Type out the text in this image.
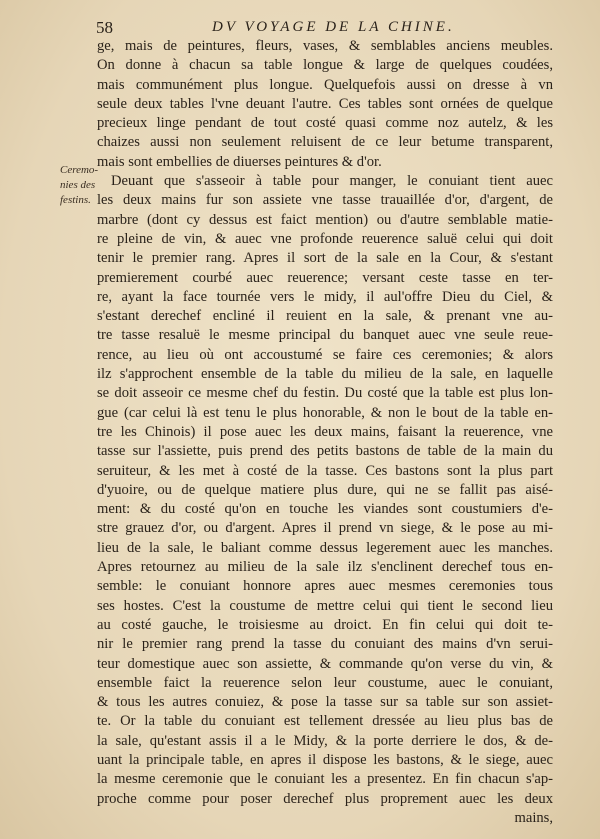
58	DV VOYAGE DE LA CHINE.
Ceremo-
nies des
festins.
ge, mais de peintures, fleurs, vases, & semblables anciens meubles.
On donne à chacun sa table longue & large de quelques coudées,
mais communément plus longue. Quelquefois aussi on dresse à vn
seule deux tables l'vne deuant l'autre. Ces tables sont ornées de quelque
precieux linge pendant de tout costé quasi comme noz autelz, & les
chaizes aussi non seulement reluisent de ce leur betume transparent,
mais sont embellies de diuerses peintures & d'or.
Deuant que s'asseoir à table pour manger, le conuiant tient auec
les deux mains fur son assiete vne tasse trauaillée d'or, d'argent, de
marbre (dont cy dessus est faict mention) ou d'autre semblable matie-
re pleine de vin, & auec vne profonde reuerence saluë celui qui doit
tenir le premier rang. Apres il sort de la sale en la Cour, & s'estant
premierement courbé auec reuerence; versant ceste tasse en ter-
re, ayant la face tournée vers le midy, il aul'offre Dieu du Ciel, &
s'estant derechef encliné il reuient en la sale, & prenant vne au-
tre tasse resaluë le mesme principal du banquet auec vne seule reue-
rence, au lieu où ont accoustumé se faire ces ceremonies; & alors
ilz s'approchent ensemble de la table du milieu de la sale, en laquelle
se doit asseoir ce mesme chef du festin. Du costé que la table est plus lon-
gue (car celui là est tenu le plus honorable, & non le bout de la table en-
tre les Chinois) il pose auec les deux mains, faisant la reuerence, vne
tasse sur l'assiette, puis prend des petits bastons de table de la main du
seruiteur, & les met à costé de la tasse. Ces bastons sont la plus part
d'yuoire, ou de quelque matiere plus dure, qui ne se fallit pas aisé-
ment: & du costé qu'on en touche les viandes sont coustumiers d'e-
stre grauez d'or, ou d'argent. Apres il prend vn siege, & le pose au mi-
lieu de la sale, le baliant comme dessus legerement auec les manches.
Apres retournez au milieu de la sale ilz s'enclinent derechef tous en-
semble: le conuiant honnore apres auec mesmes ceremonies tous
ses hostes. C'est la coustume de mettre celui qui tient le second lieu
au costé gauche, le troisiesme au droict. En fin celui qui doit te-
nir le premier rang prend la tasse du conuiant des mains d'vn serui-
teur domestique auec son assiette, & commande qu'on verse du vin, &
ensemble faict la reuerence selon leur coustume, auec le conuiant,
& tous les autres conuiez, & pose la tasse sur sa table sur son assiet-
te. Or la table du conuiant est tellement dressée au lieu plus bas de
la sale, qu'estant assis il a le Midy, & la porte derriere le dos, & de-
uant la principale table, en apres il dispose les bastons, & le siege, auec
la mesme ceremonie que le conuiant les a presentez. En fin chacun s'ap-
proche comme pour poser derechef plus proprement auec les deux
mains,
